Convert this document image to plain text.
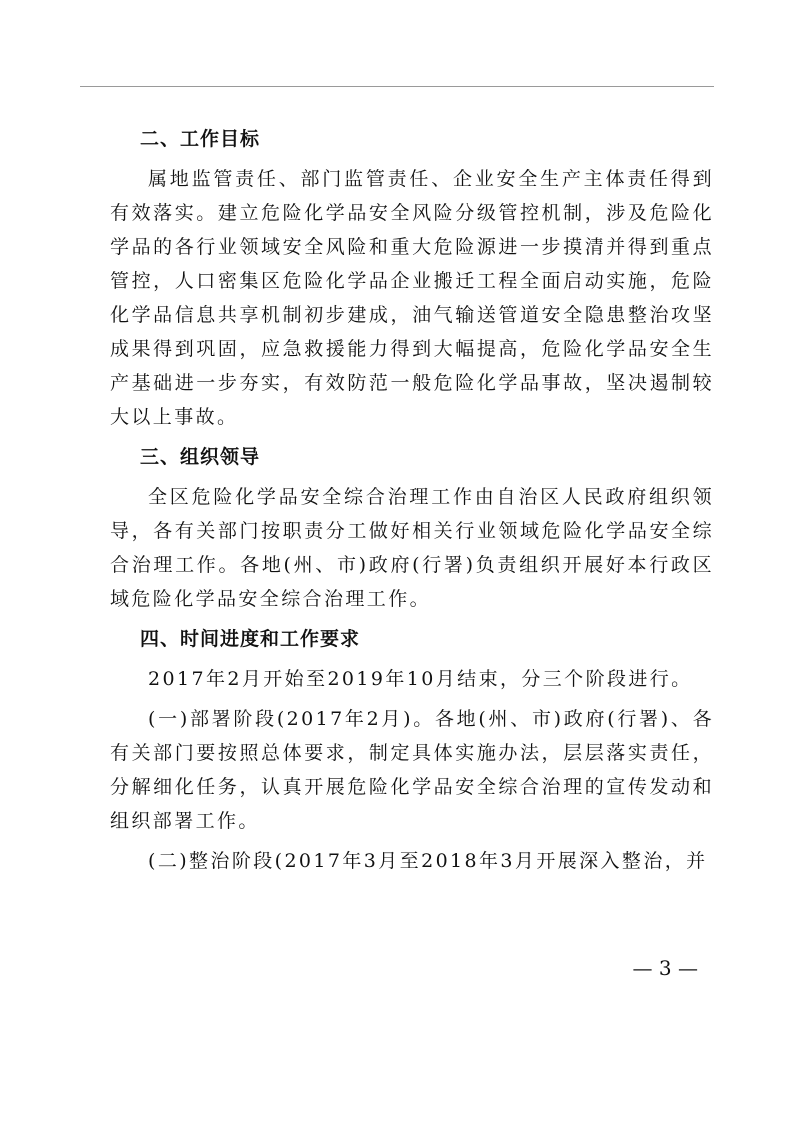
二、工作目标

属地监管责任、部门监管责任、企业安全生产主体责任得到有效落实。建立危险化学品安全风险分级管控机制，涉及危险化学品的各行业领域安全风险和重大危险源进一步摸清并得到重点管控，人口密集区危险化学品企业搬迁工程全面启动实施，危险化学品信息共享机制初步建成，油气输送管道安全隐患整治攻坚成果得到巩固，应急救援能力得到大幅提高，危险化学品安全生产基础进一步夯实，有效防范一般危险化学品事故，坚决遏制较大以上事故。

三、组织领导

全区危险化学品安全综合治理工作由自治区人民政府组织领导，各有关部门按职责分工做好相关行业领域危险化学品安全综合治理工作。各地(州、市)政府(行署)负责组织开展好本行政区域危险化学品安全综合治理工作。

四、时间进度和工作要求

2017年2月开始至2019年10月结束，分三个阶段进行。

(一)部署阶段(2017年2月)。各地(州、市)政府(行署)、各有关部门要按照总体要求，制定具体实施办法，层层落实责任，分解细化任务，认真开展危险化学品安全综合治理的宣传发动和组织部署工作。

(二)整治阶段(2017年3月至2018年3月开展深入整治，并

— 3 —
